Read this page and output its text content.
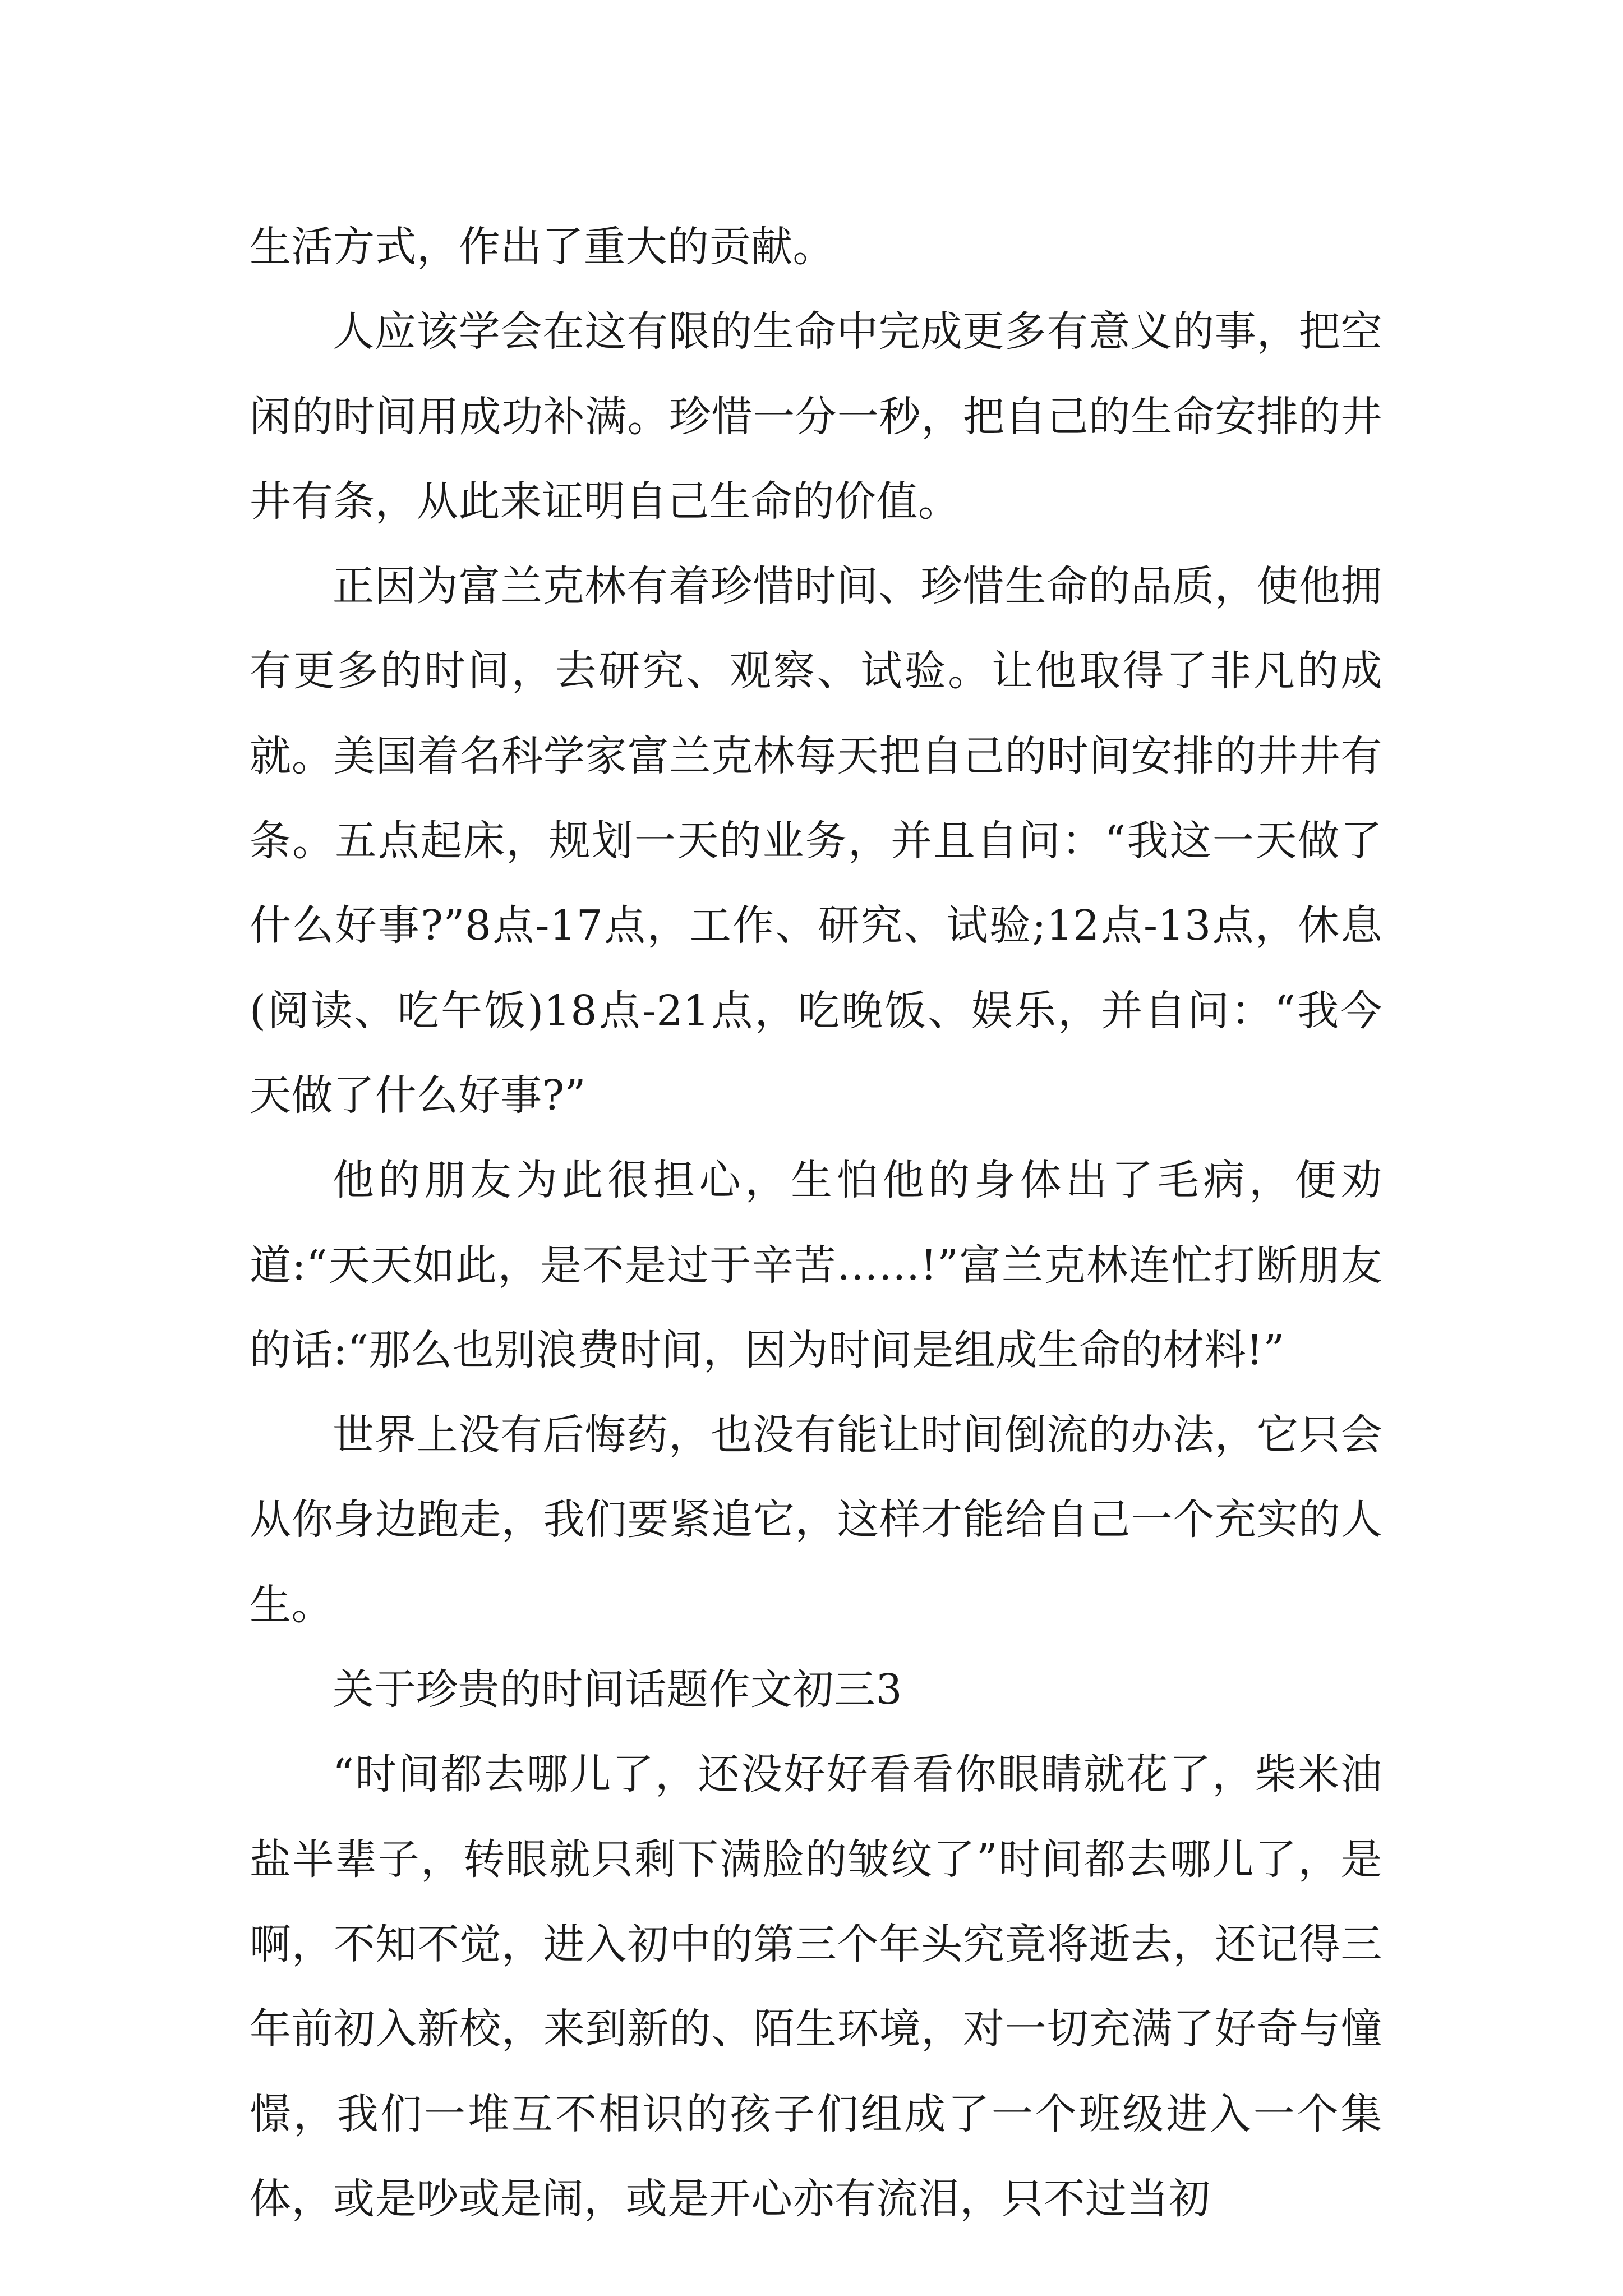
生活方式，作出了重大的贡献。

人应该学会在这有限的生命中完成更多有意义的事，把空闲的时间用成功补满。珍惜一分一秒，把自己的生命安排的井井有条，从此来证明自己生命的价值。

正因为富兰克林有着珍惜时间、珍惜生命的品质，使他拥有更多的时间，去研究、观察、试验。让他取得了非凡的成就。美国着名科学家富兰克林每天把自己的时间安排的井井有条。五点起床，规划一天的业务，并且自问：“我这一天做了什么好事?”8点-17点，工作、研究、试验;12点-13点，休息(阅读、吃午饭)18点-21点，吃晚饭、娱乐，并自问：“我今天做了什么好事?”

他的朋友为此很担心，生怕他的身体出了毛病，便劝道:“天天如此，是不是过于辛苦……!”富兰克林连忙打断朋友的话:“那么也别浪费时间，因为时间是组成生命的材料!”

世界上没有后悔药，也没有能让时间倒流的办法，它只会从你身边跑走，我们要紧追它，这样才能给自己一个充实的人生。

关于珍贵的时间话题作文初三3

“时间都去哪儿了，还没好好看看你眼睛就花了，柴米油盐半辈子，转眼就只剩下满脸的皱纹了”时间都去哪儿了，是啊，不知不觉，进入初中的第三个年头究竟将逝去，还记得三年前初入新校，来到新的、陌生环境，对一切充满了好奇与憧憬，我们一堆互不相识的孩子们组成了一个班级进入一个集体，或是吵或是闹，或是开心亦有流泪，只不过当初
